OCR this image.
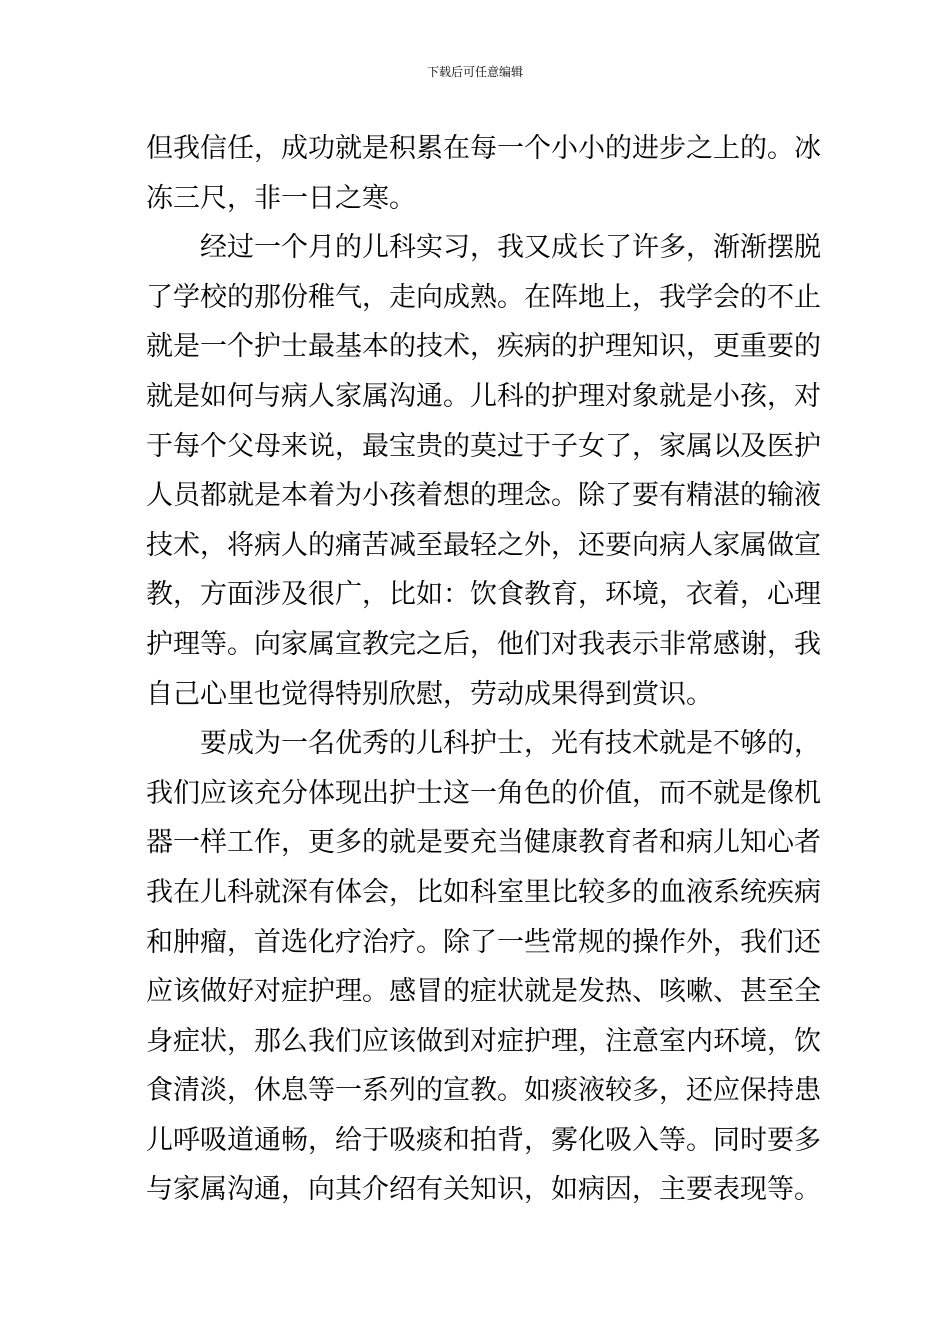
下载后可任意编辑
但我信任，成功就是积累在每一个小小的进步之上的。冰
冻三尺，非一日之寒。
　　经过一个月的儿科实习，我又成长了许多，渐渐摆脱
了学校的那份稚气，走向成熟。在阵地上，我学会的不止
就是一个护士最基本的技术，疾病的护理知识，更重要的
就是如何与病人家属沟通。儿科的护理对象就是小孩，对
于每个父母来说，最宝贵的莫过于子女了，家属以及医护
人员都就是本着为小孩着想的理念。除了要有精湛的输液
技术，将病人的痛苦减至最轻之外，还要向病人家属做宣
教，方面涉及很广，比如：饮食教育，环境，衣着，心理
护理等。向家属宣教完之后，他们对我表示非常感谢，我
自己心里也觉得特别欣慰，劳动成果得到赏识。
　　要成为一名优秀的儿科护士，光有技术就是不够的，
我们应该充分体现出护士这一角色的价值，而不就是像机
器一样工作，更多的就是要充当健康教育者和病儿知心者
我在儿科就深有体会，比如科室里比较多的血液系统疾病
和肿瘤，首选化疗治疗。除了一些常规的操作外，我们还
应该做好对症护理。感冒的症状就是发热、咳嗽、甚至全
身症状，那么我们应该做到对症护理，注意室内环境，饮
食清淡，休息等一系列的宣教。如痰液较多，还应保持患
儿呼吸道通畅，给于吸痰和拍背，雾化吸入等。同时要多
与家属沟通，向其介绍有关知识，如病因，主要表现等。
